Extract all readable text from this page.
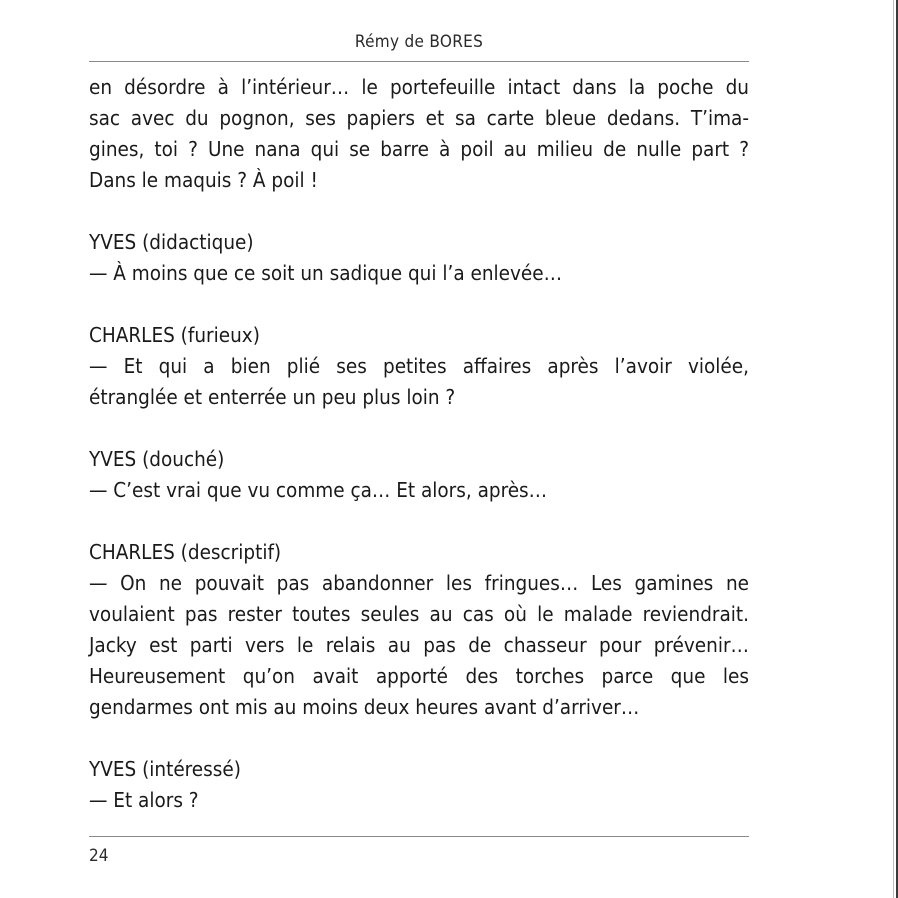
Rémy de BORES

en désordre à l’intérieur… le portefeuille intact dans la poche du
sac avec du pognon, ses papiers et sa carte bleue dedans. T’ima-
gines, toi ? Une nana qui se barre à poil au milieu de nulle part ?
Dans le maquis ? À poil !

YVES (didactique)
— À moins que ce soit un sadique qui l’a enlevée…

CHARLES (furieux)
— Et qui a bien plié ses petites affaires après l’avoir violée,
étranglée et enterrée un peu plus loin ?

YVES (douché)
— C’est vrai que vu comme ça… Et alors, après…

CHARLES (descriptif)
— On ne pouvait pas abandonner les fringues… Les gamines ne
voulaient pas rester toutes seules au cas où le malade reviendrait.
Jacky est parti vers le relais au pas de chasseur pour prévenir…
Heureusement qu’on avait apporté des torches parce que les
gendarmes ont mis au moins deux heures avant d’arriver…

YVES (intéressé)
— Et alors ?

24
